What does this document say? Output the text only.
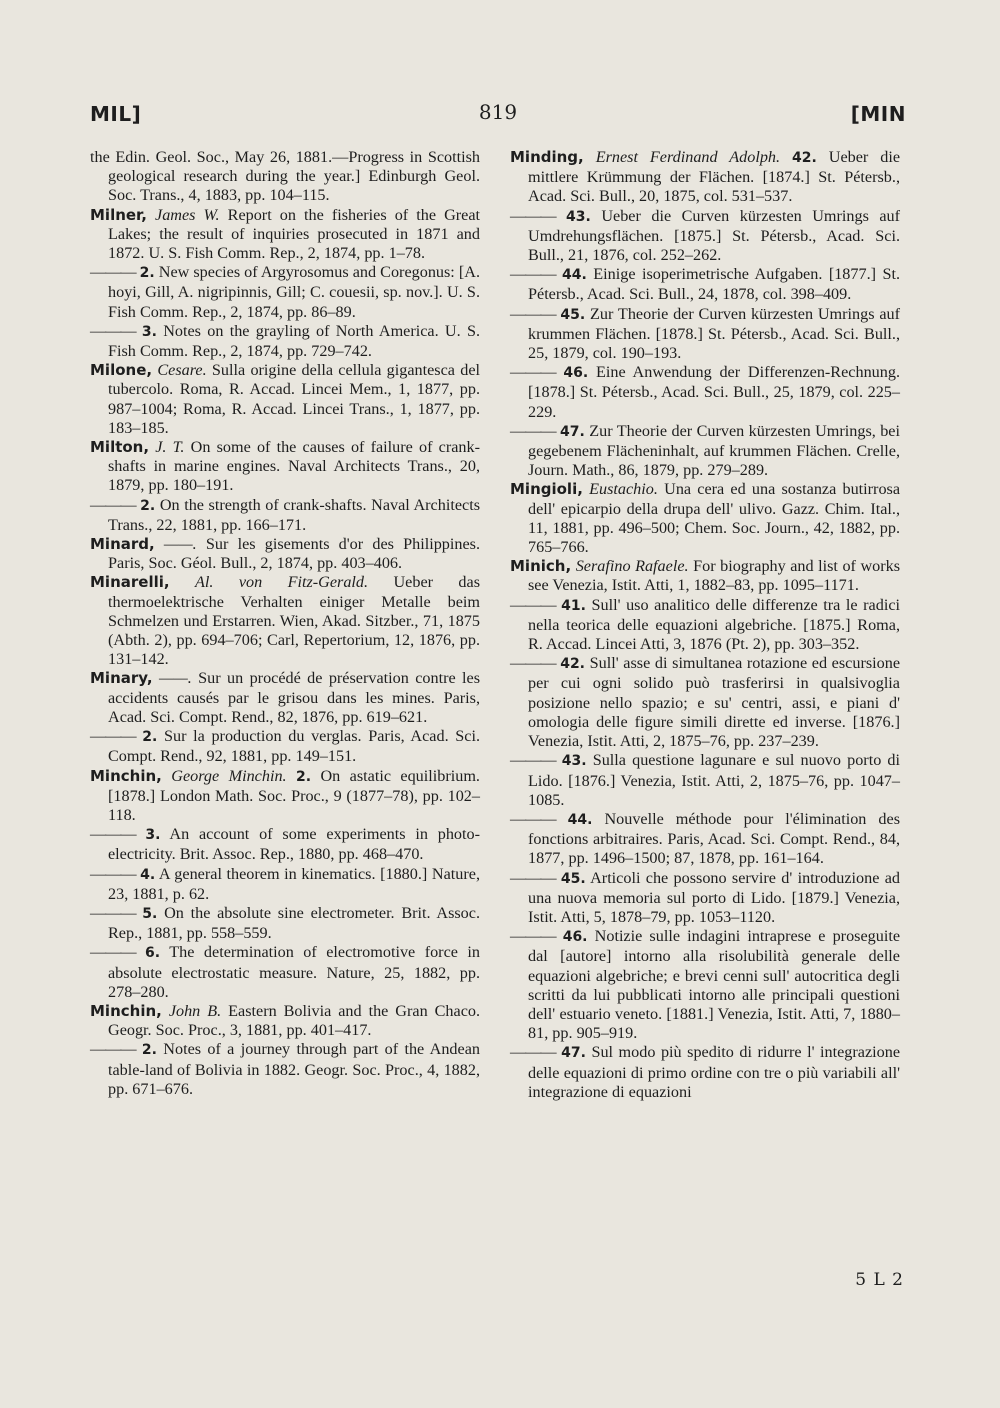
MIL]	819	[MIN

the Edin. Geol. Soc., May 26, 1881.—Progress in Scottish geological research during the year.] Edinburgh Geol. Soc. Trans., 4, 1883, pp. 104–115.

Milner, James W. Report on the fisheries of the Great Lakes; the result of inquiries prosecuted in 1871 and 1872. U. S. Fish Comm. Rep., 2, 1874, pp. 1–78.

——— 2. New species of Argyrosomus and Coregonus: [A. hoyi, Gill, A. nigripinnis, Gill; C. couesii, sp. nov.]. U. S. Fish Comm. Rep., 2, 1874, pp. 86–89.

——— 3. Notes on the grayling of North America. U. S. Fish Comm. Rep., 2, 1874, pp. 729–742.

Milone, Cesare. Sulla origine della cellula gigantesca del tubercolo. Roma, R. Accad. Lincei Mem., 1, 1877, pp. 987–1004; Roma, R. Accad. Lincei Trans., 1, 1877, pp. 183–185.

Milton, J. T. On some of the causes of failure of crank-shafts in marine engines. Naval Architects Trans., 20, 1879, pp. 180–191.

——— 2. On the strength of crank-shafts. Naval Architects Trans., 22, 1881, pp. 166–171.

Minard, ——. Sur les gisements d'or des Philippines. Paris, Soc. Géol. Bull., 2, 1874, pp. 403–406.

Minarelli, Al. von Fitz-Gerald. Ueber das thermoelektrische Verhalten einiger Metalle beim Schmelzen und Erstarren. Wien, Akad. Sitzber., 71, 1875 (Abth. 2), pp. 694–706; Carl, Repertorium, 12, 1876, pp. 131–142.

Minary, ——. Sur un procédé de préservation contre les accidents causés par le grisou dans les mines. Paris, Acad. Sci. Compt. Rend., 82, 1876, pp. 619–621.

——— 2. Sur la production du verglas. Paris, Acad. Sci. Compt. Rend., 92, 1881, pp. 149–151.

Minchin, George Minchin. 2. On astatic equilibrium. [1878.] London Math. Soc. Proc., 9 (1877–78), pp. 102–118.

——— 3. An account of some experiments in photo-electricity. Brit. Assoc. Rep., 1880, pp. 468–470.

——— 4. A general theorem in kinematics. [1880.] Nature, 23, 1881, p. 62.

——— 5. On the absolute sine electrometer. Brit. Assoc. Rep., 1881, pp. 558–559.

——— 6. The determination of electromotive force in absolute electrostatic measure. Nature, 25, 1882, pp. 278–280.

Minchin, John B. Eastern Bolivia and the Gran Chaco. Geogr. Soc. Proc., 3, 1881, pp. 401–417.

——— 2. Notes of a journey through part of the Andean table-land of Bolivia in 1882. Geogr. Soc. Proc., 4, 1882, pp. 671–676.

Minding, Ernest Ferdinand Adolph. 42. Ueber die mittlere Krümmung der Flächen. [1874.] St. Pétersb., Acad. Sci. Bull., 20, 1875, col. 531–537.

——— 43. Ueber die Curven kürzesten Umrings auf Umdrehungsflächen. [1875.] St. Pétersb., Acad. Sci. Bull., 21, 1876, col. 252–262.

——— 44. Einige isoperimetrische Aufgaben. [1877.] St. Pétersb., Acad. Sci. Bull., 24, 1878, col. 398–409.

——— 45. Zur Theorie der Curven kürzesten Umrings auf krummen Flächen. [1878.] St. Pétersb., Acad. Sci. Bull., 25, 1879, col. 190–193.

——— 46. Eine Anwendung der Differenzen-Rechnung. [1878.] St. Pétersb., Acad. Sci. Bull., 25, 1879, col. 225–229.

——— 47. Zur Theorie der Curven kürzesten Umrings, bei gegebenem Flächeninhalt, auf krummen Flächen. Crelle, Journ. Math., 86, 1879, pp. 279–289.

Mingioli, Eustachio. Una cera ed una sostanza butirrosa dell' epicarpio della drupa dell' ulivo. Gazz. Chim. Ital., 11, 1881, pp. 496–500; Chem. Soc. Journ., 42, 1882, pp. 765–766.

Minich, Serafino Rafaele. For biography and list of works see Venezia, Istit. Atti, 1, 1882–83, pp. 1095–1171.

——— 41. Sull' uso analitico delle differenze tra le radici nella teorica delle equazioni algebriche. [1875.] Roma, R. Accad. Lincei Atti, 3, 1876 (Pt. 2), pp. 303–352.

——— 42. Sull' asse di simultanea rotazione ed escursione per cui ogni solido può trasferirsi in qualsivoglia posizione nello spazio; e su' centri, assi, e piani d' omologia delle figure simili dirette ed inverse. [1876.] Venezia, Istit. Atti, 2, 1875–76, pp. 237–239.

——— 43. Sulla questione lagunare e sul nuovo porto di Lido. [1876.] Venezia, Istit. Atti, 2, 1875–76, pp. 1047–1085.

——— 44. Nouvelle méthode pour l'élimination des fonctions arbitraires. Paris, Acad. Sci. Compt. Rend., 84, 1877, pp. 1496–1500; 87, 1878, pp. 161–164.

——— 45. Articoli che possono servire d' introduzione ad una nuova memoria sul porto di Lido. [1879.] Venezia, Istit. Atti, 5, 1878–79, pp. 1053–1120.

——— 46. Notizie sulle indagini intraprese e proseguite dal [autore] intorno alla risolubilità generale delle equazioni algebriche; e brevi cenni sull' autocritica degli scritti da lui pubblicati intorno alle principali questioni dell' estuario veneto. [1881.] Venezia, Istit. Atti, 7, 1880–81, pp. 905–919.

——— 47. Sul modo più spedito di ridurre l' integrazione delle equazioni di primo ordine con tre o più variabili all' integrazione di equazioni

5 L 2
